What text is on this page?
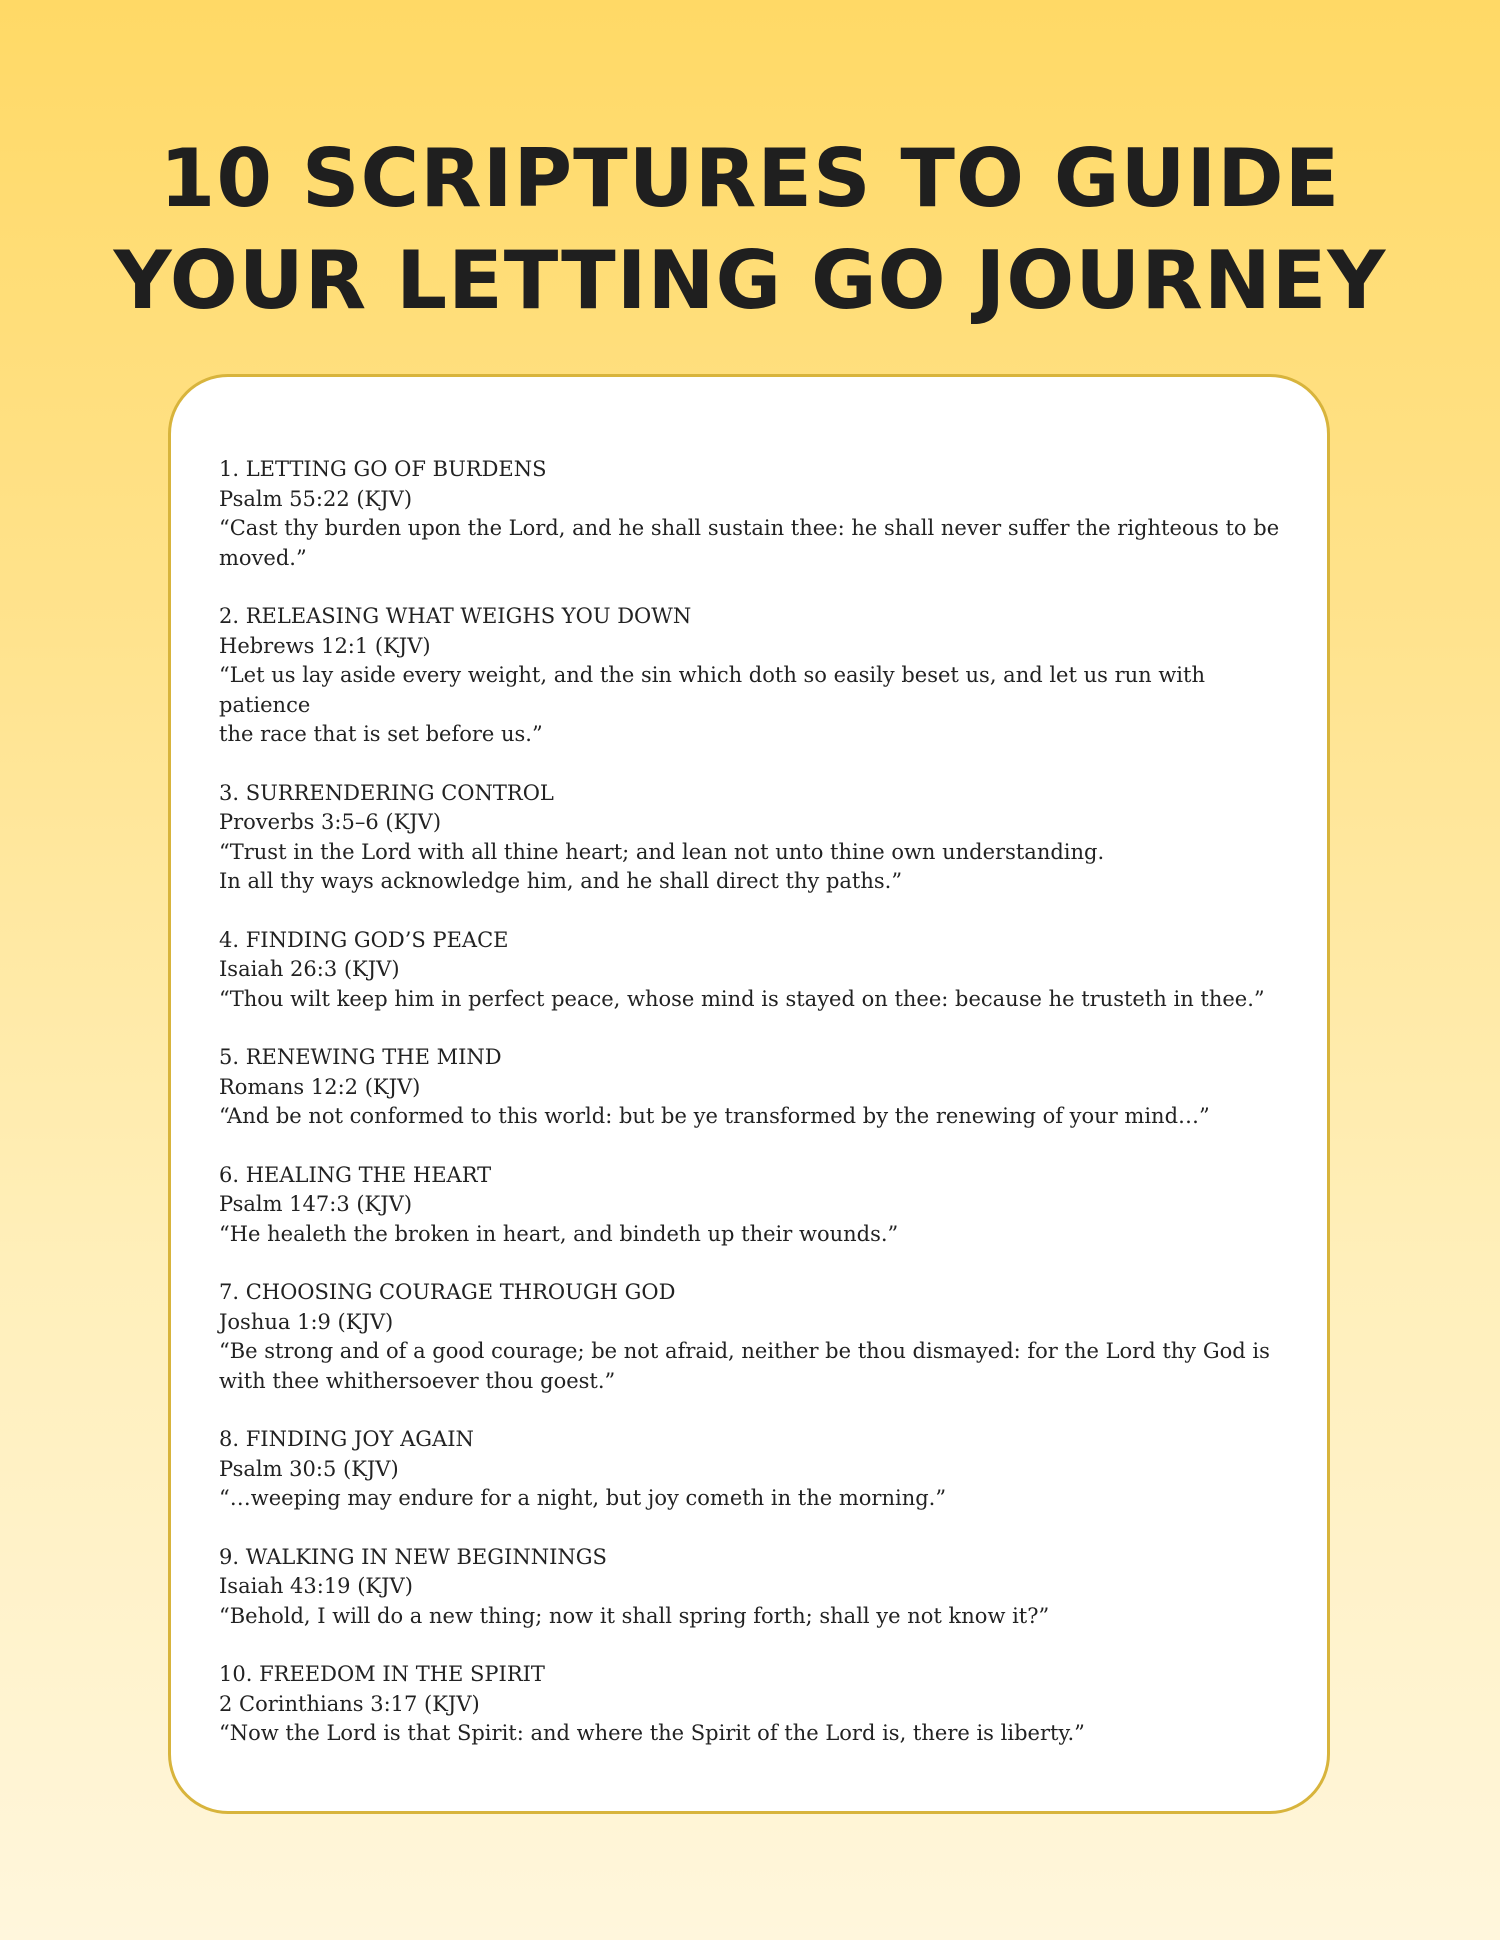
10 SCRIPTURES TO GUIDE
YOUR LETTING GO JOURNEY

1. LETTING GO OF BURDENS

Psalm 55:22 (KJV)

“Cast thy burden upon the Lord, and he shall sustain thee: he shall never suffer the righteous to be

moved.”

2. RELEASING WHAT WEIGHS YOU DOWN

Hebrews 12:1 (KJV)

“Let us lay aside every weight, and the sin which doth so easily beset us, and let us run with patience

the race that is set before us.”

3. SURRENDERING CONTROL

Proverbs 3:5–6 (KJV)

“Trust in the Lord with all thine heart; and lean not unto thine own understanding.

In all thy ways acknowledge him, and he shall direct thy paths.”

4. FINDING GOD’S PEACE

Isaiah 26:3 (KJV)

“Thou wilt keep him in perfect peace, whose mind is stayed on thee: because he trusteth in thee.”

5. RENEWING THE MIND

Romans 12:2 (KJV)

“And be not conformed to this world: but be ye transformed by the renewing of your mind…”

6. HEALING THE HEART

Psalm 147:3 (KJV)

“He healeth the broken in heart, and bindeth up their wounds.”

7. CHOOSING COURAGE THROUGH GOD

Joshua 1:9 (KJV)

“Be strong and of a good courage; be not afraid, neither be thou dismayed: for the Lord thy God is

with thee whithersoever thou goest.”

8. FINDING JOY AGAIN

Psalm 30:5 (KJV)

“…weeping may endure for a night, but joy cometh in the morning.”

9. WALKING IN NEW BEGINNINGS

Isaiah 43:19 (KJV)

“Behold, I will do a new thing; now it shall spring forth; shall ye not know it?”

10. FREEDOM IN THE SPIRIT

2 Corinthians 3:17 (KJV)

“Now the Lord is that Spirit: and where the Spirit of the Lord is, there is liberty.”
